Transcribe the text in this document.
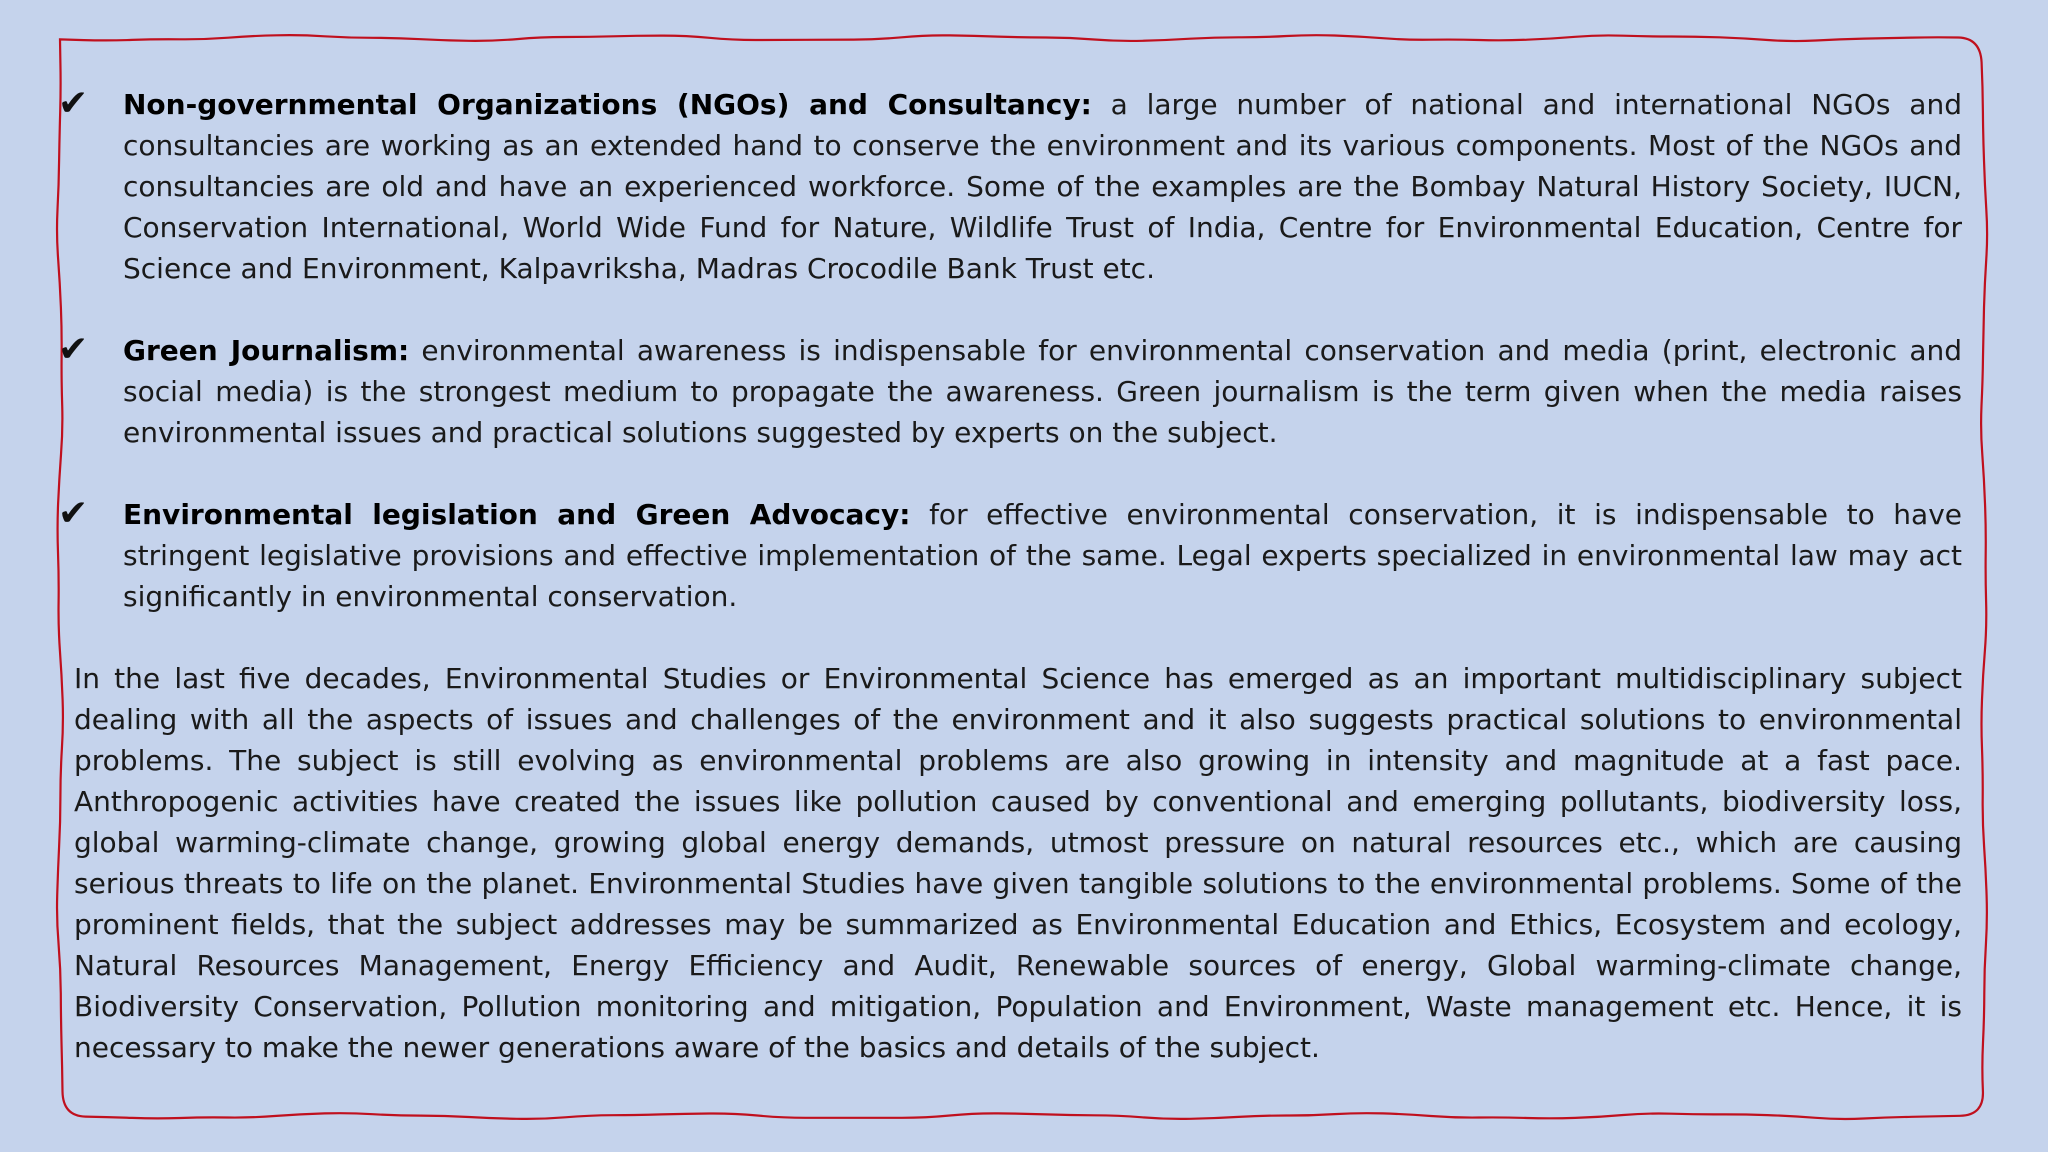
✔ Non-governmental Organizations (NGOs) and Consultancy: a large number of national and international NGOs and consultancies are working as an extended hand to conserve the environment and its various components. Most of the NGOs and consultancies are old and have an experienced workforce. Some of the examples are the Bombay Natural History Society, IUCN, Conservation International, World Wide Fund for Nature, Wildlife Trust of India, Centre for Environmental Education, Centre for Science and Environment, Kalpavriksha, Madras Crocodile Bank Trust etc.
✔ Green Journalism: environmental awareness is indispensable for environmental conservation and media (print, electronic and social media) is the strongest medium to propagate the awareness. Green journalism is the term given when the media raises environmental issues and practical solutions suggested by experts on the subject.
✔ Environmental legislation and Green Advocacy: for effective environmental conservation, it is indispensable to have stringent legislative provisions and effective implementation of the same. Legal experts specialized in environmental law may act significantly in environmental conservation.

In the last five decades, Environmental Studies or Environmental Science has emerged as an important multidisciplinary subject dealing with all the aspects of issues and challenges of the environment and it also suggests practical solutions to environmental problems. The subject is still evolving as environmental problems are also growing in intensity and magnitude at a fast pace. Anthropogenic activities have created the issues like pollution caused by conventional and emerging pollutants, biodiversity loss, global warming-climate change, growing global energy demands, utmost pressure on natural resources etc., which are causing serious threats to life on the planet. Environmental Studies have given tangible solutions to the environmental problems. Some of the prominent fields, that the subject addresses may be summarized as Environmental Education and Ethics, Ecosystem and ecology, Natural Resources Management, Energy Efficiency and Audit, Renewable sources of energy, Global warming-climate change, Biodiversity Conservation, Pollution monitoring and mitigation, Population and Environment, Waste management etc. Hence, it is necessary to make the newer generations aware of the basics and details of the subject.
